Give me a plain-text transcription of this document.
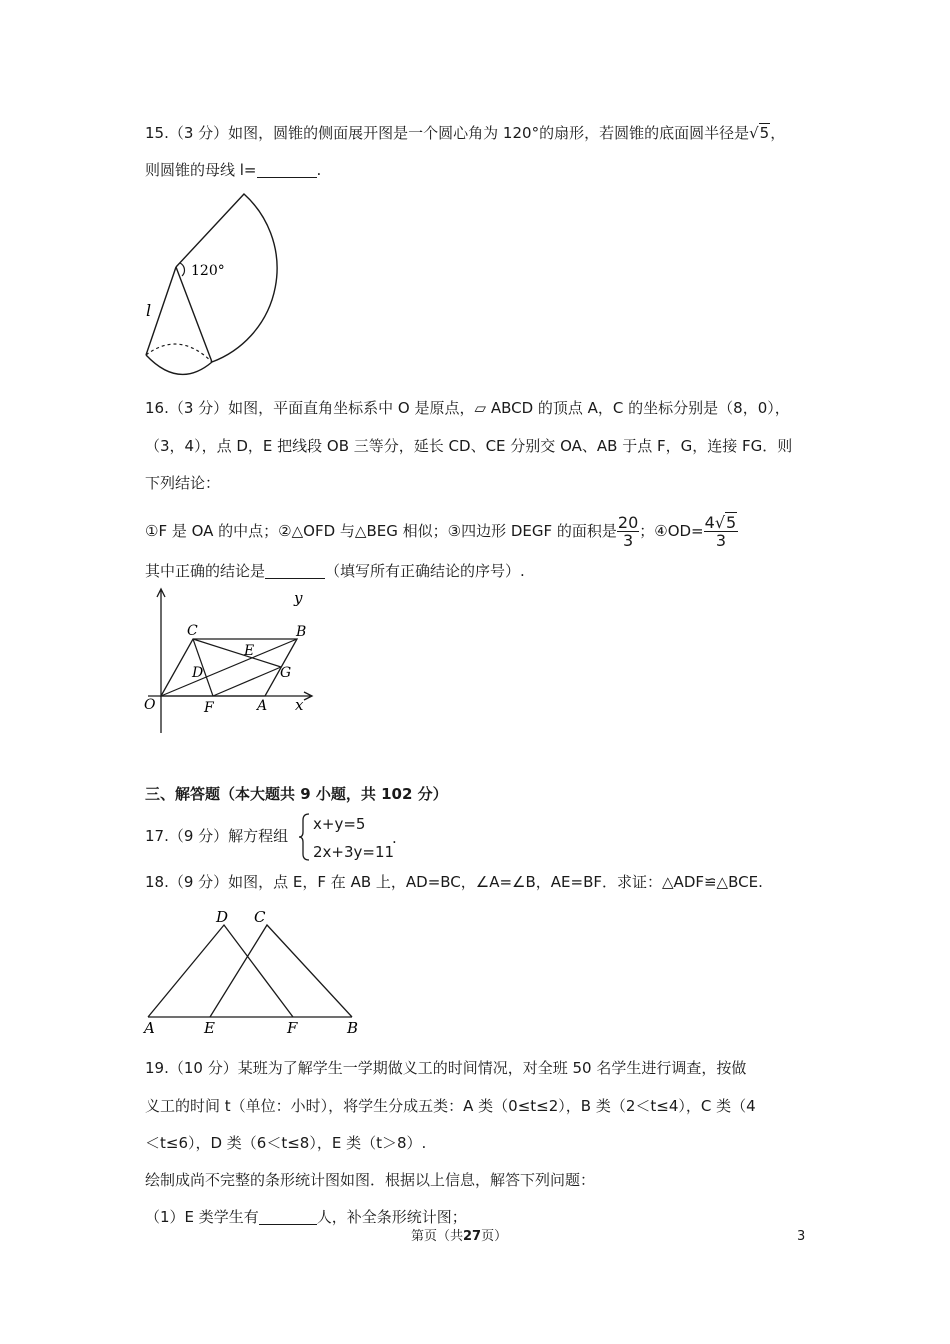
15.（3 分）如图，圆锥的侧面展开图是一个圆心角为 120°的扇形，若圆锥的底面圆半径是√5，
则圆锥的母线 l=	.
120°
l
16.（3 分）如图，平面直角坐标系中 O 是原点，▱ ABCD 的顶点 A，C 的坐标分别是（8，0），
（3，4），点 D，E 把线段 OB 三等分，延长 CD、CE 分别交 OA、AB 于点 F，G，连接 FG．则
下列结论：
①F 是 OA 的中点；②△OFD 与△BEG 相似；③四边形 DEGF 的面积是 $\frac{20}{3}$ ；④OD= $\frac{4√5}{3}$
其中正确的结论是	（填写所有正确结论的序号）.
y
C	B
E
D	G
O	F	A x
三、解答题（本大题共 9 小题，共 102 分）
17.（9 分）解方程组
x+y=5
2x+3y=11
.
18.（9 分）如图，点 E，F 在 AB 上，AD=BC，∠A=∠B，AE=BF．求证：△ADF≌△BCE.
D C
A	E	F	B
19.（10 分）某班为了解学生一学期做义工的时间情况，对全班 50 名学生进行调查，按做
义工的时间 t（单位：小时），将学生分成五类：A 类（0≤t≤2），B 类（2＜t≤4），C 类（4
＜t≤6），D 类（6＜t≤8），E 类（t＞8）.
绘制成尚不完整的条形统计图如图．根据以上信息，解答下列问题：
（1）E 类学生有	人，补全条形统计图；
第页（共27页）	3
